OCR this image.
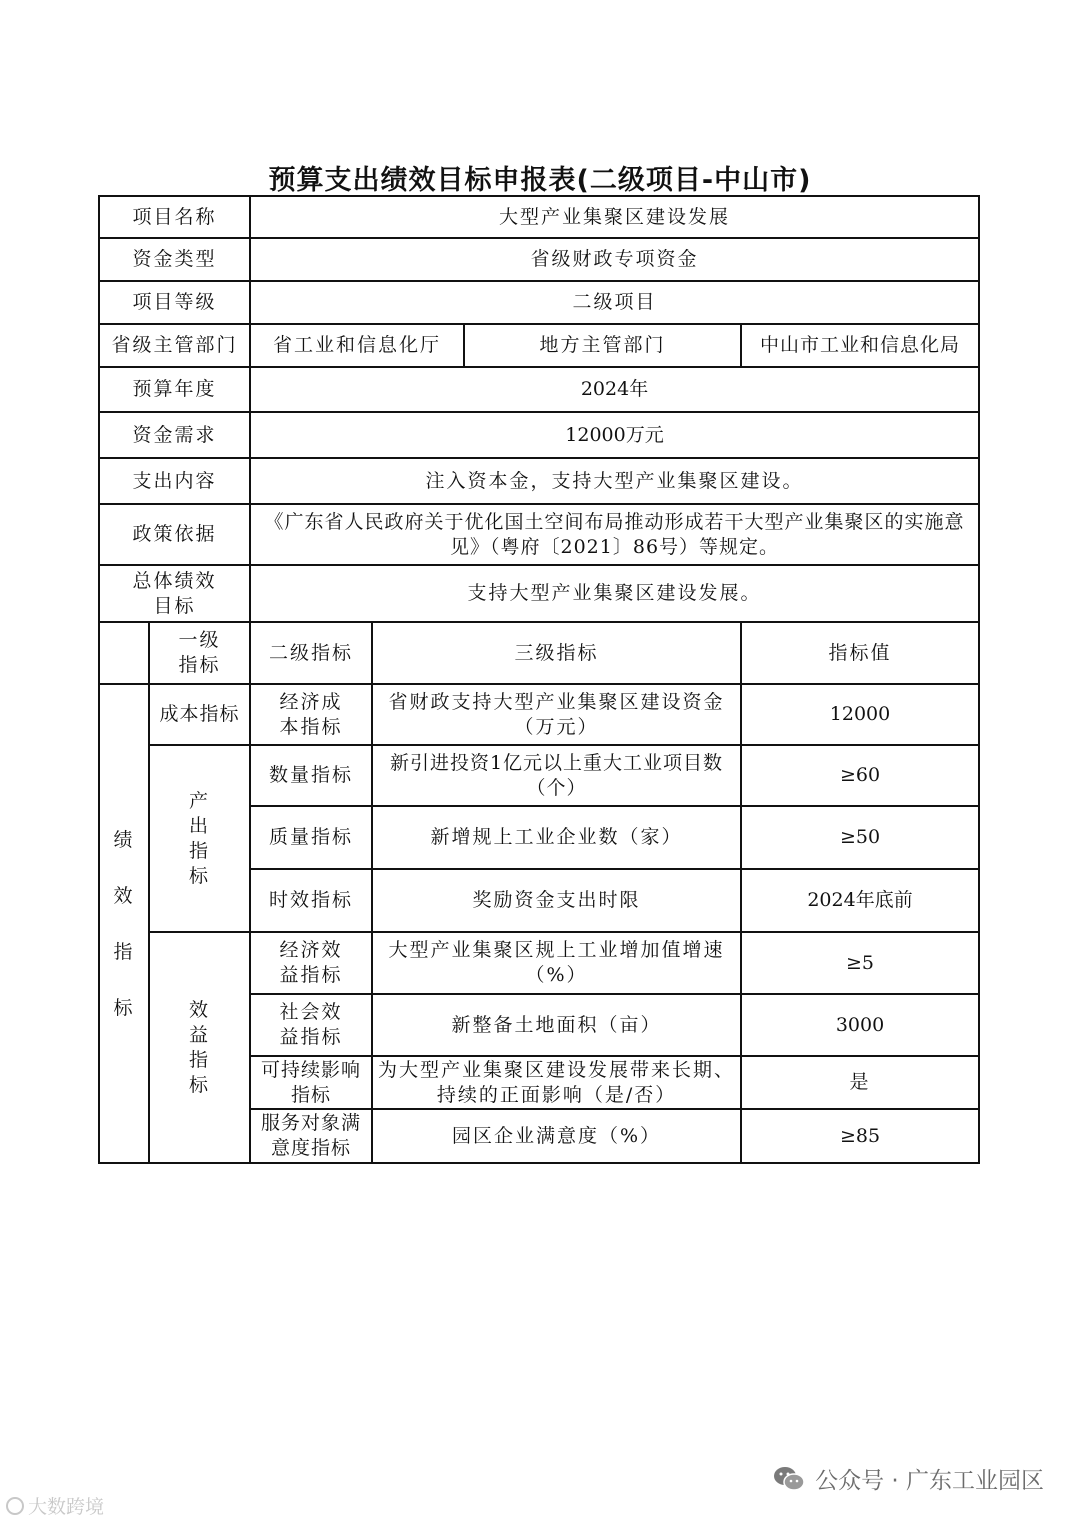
预算支出绩效目标申报表(二级项目-中山市)
项目名称		大型产业集聚区建设发展			
资金类型		省级财政专项资金			
项目等级		二级项目			
省级主管部门		省工业和信息化厅		地方主管部门	中山市工业和信息化局
预算年度		2024年			
资金需求		12000万元			
支出内容		注入资本金，支持大型产业集聚区建设。			
政策依据		《广东省人民政府关于优化国土空间布局推动形成若干大型产业集聚区的实施意见》（粤府〔2021〕86号）等规定。			
总体绩效目标		支持大型产业集聚区建设发展。			
	一级指标	二级指标	三级指标		指标值
绩效指标	成本指标	经济成本指标	省财政支持大型产业集聚区建设资金（万元）		12000
	产出指标	数量指标	新引进投资1亿元以上重大工业项目数（个）		≥60
		质量指标	新增规上工业企业数（家）		≥50
		时效指标	奖励资金支出时限		2024年底前
	效益指标	经济效益指标	大型产业集聚区规上工业增加值增速（%）		≥5
		社会效益指标	新整备土地面积（亩）		3000
		可持续影响指标	为大型产业集聚区建设发展带来长期、持续的正面影响（是/否）		是
		服务对象满意度指标	园区企业满意度（%）		≥85
公众号 · 广东工业园区
大数跨境
